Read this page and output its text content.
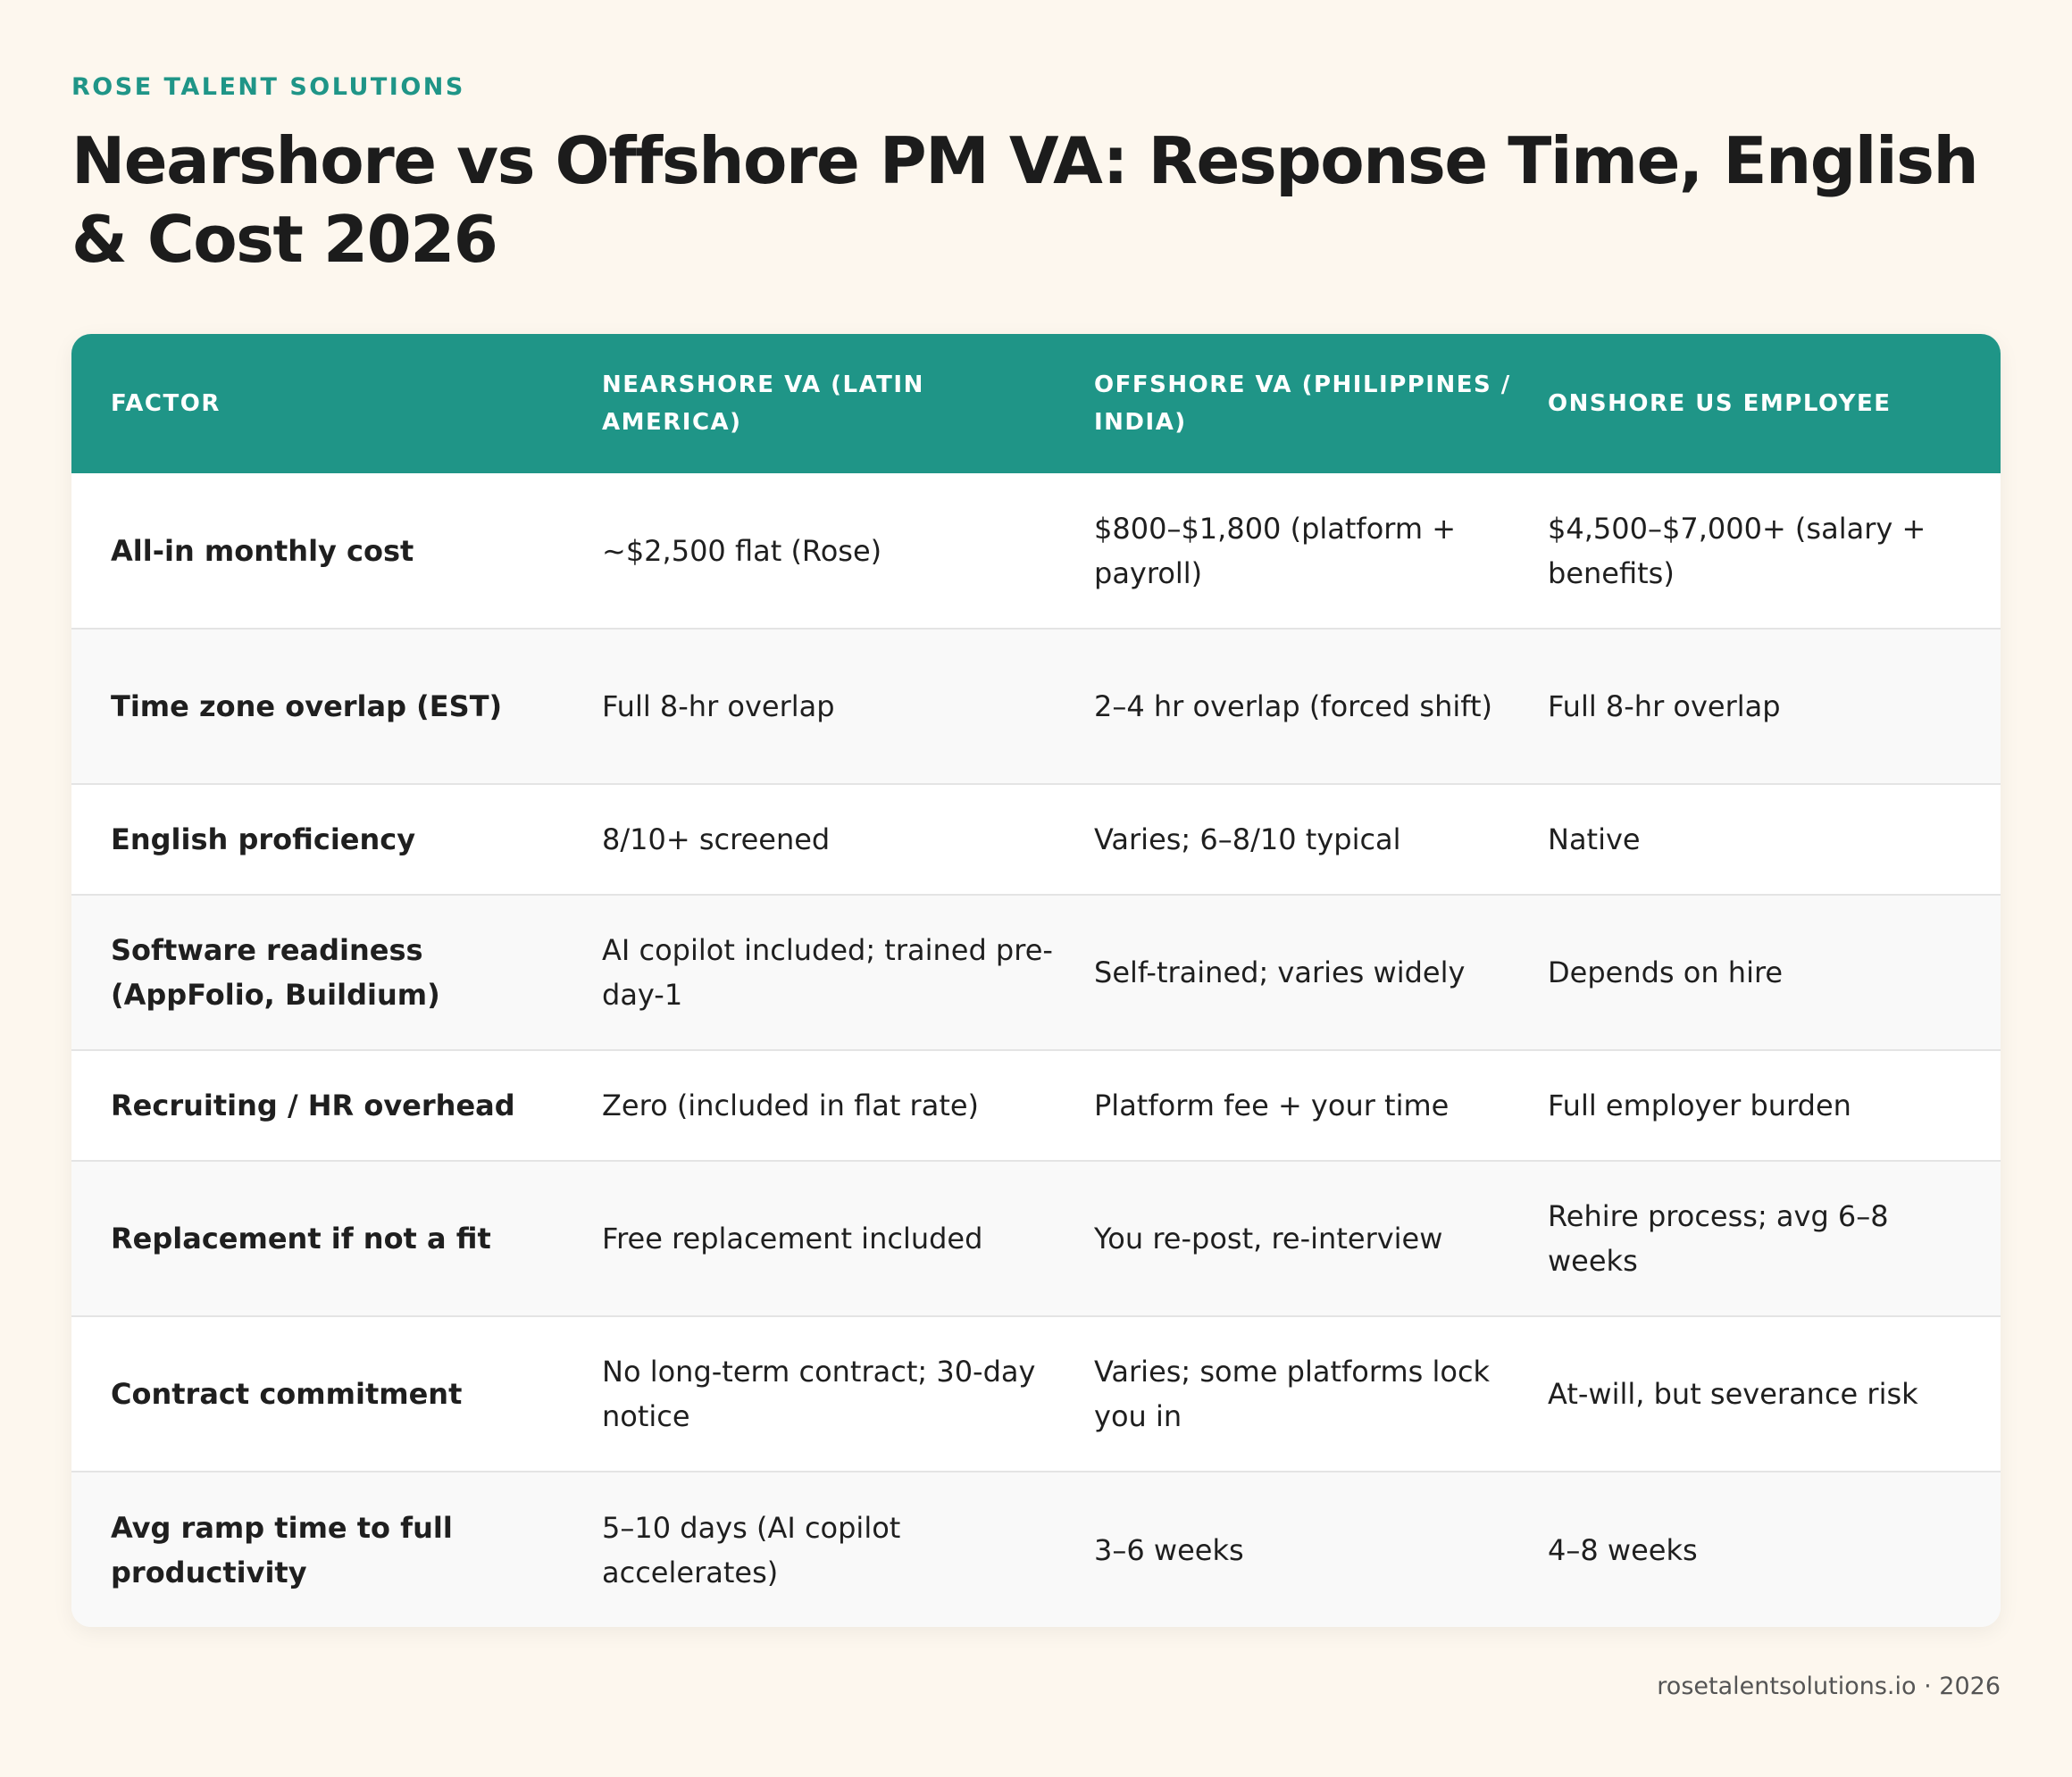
ROSE TALENT SOLUTIONS
Nearshore vs Offshore PM VA: Response Time, English & Cost 2026
FACTOR	NEARSHORE VA (LATIN AMERICA)	OFFSHORE VA (PHILIPPINES / INDIA)	ONSHORE US EMPLOYEE
All-in monthly cost	~$2,500 flat (Rose)	$800–$1,800 (platform + payroll)	$4,500–$7,000+ (salary + benefits)
Time zone overlap (EST)	Full 8-hr overlap	2–4 hr overlap (forced shift)	Full 8-hr overlap
English proficiency	8/10+ screened	Varies; 6–8/10 typical	Native
Software readiness (AppFolio, Buildium)	AI copilot included; trained pre-day-1	Self-trained; varies widely	Depends on hire
Recruiting / HR overhead	Zero (included in flat rate)	Platform fee + your time	Full employer burden
Replacement if not a fit	Free replacement included	You re-post, re-interview	Rehire process; avg 6–8 weeks
Contract commitment	No long-term contract; 30-day notice	Varies; some platforms lock you in	At-will, but severance risk
Avg ramp time to full productivity	5–10 days (AI copilot accelerates)	3–6 weeks	4–8 weeks
rosetalentsolutions.io · 2026
